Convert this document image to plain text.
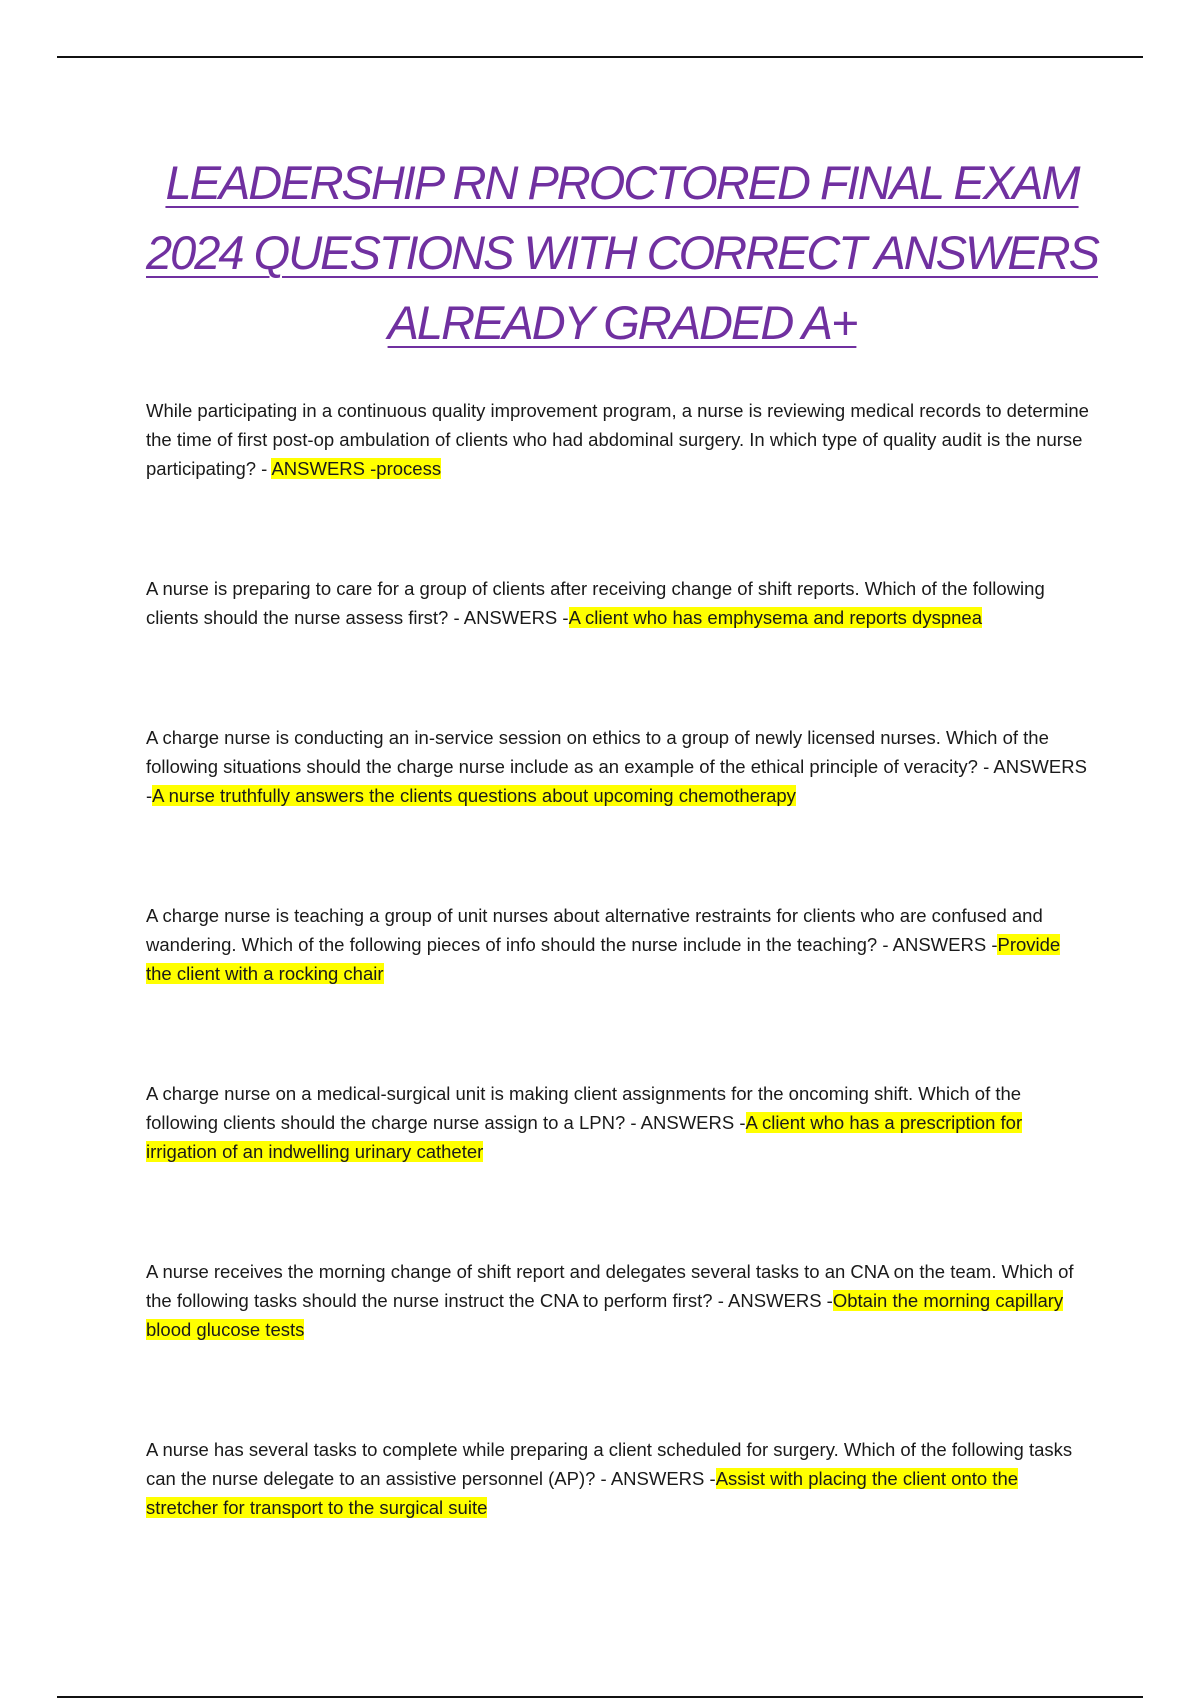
LEADERSHIP RN PROCTORED FINAL EXAM
2024 QUESTIONS WITH CORRECT ANSWERS
ALREADY GRADED A+

While participating in a continuous quality improvement program, a nurse is reviewing medical records to determine the time of first post-op ambulation of clients who had abdominal surgery. In which type of quality audit is the nurse participating? - ANSWERS -process

A nurse is preparing to care for a group of clients after receiving change of shift reports. Which of the following clients should the nurse assess first? - ANSWERS -A client who has emphysema and reports dyspnea

A charge nurse is conducting an in-service session on ethics to a group of newly licensed nurses. Which of the following situations should the charge nurse include as an example of the ethical principle of veracity? - ANSWERS -A nurse truthfully answers the clients questions about upcoming chemotherapy

A charge nurse is teaching a group of unit nurses about alternative restraints for clients who are confused and wandering. Which of the following pieces of info should the nurse include in the teaching? - ANSWERS -Provide the client with a rocking chair

A charge nurse on a medical-surgical unit is making client assignments for the oncoming shift. Which of the following clients should the charge nurse assign to a LPN? - ANSWERS -A client who has a prescription for irrigation of an indwelling urinary catheter

A nurse receives the morning change of shift report and delegates several tasks to an CNA on the team. Which of the following tasks should the nurse instruct the CNA to perform first? - ANSWERS -Obtain the morning capillary blood glucose tests

A nurse has several tasks to complete while preparing a client scheduled for surgery. Which of the following tasks can the nurse delegate to an assistive personnel (AP)? - ANSWERS -Assist with placing the client onto the stretcher for transport to the surgical suite
